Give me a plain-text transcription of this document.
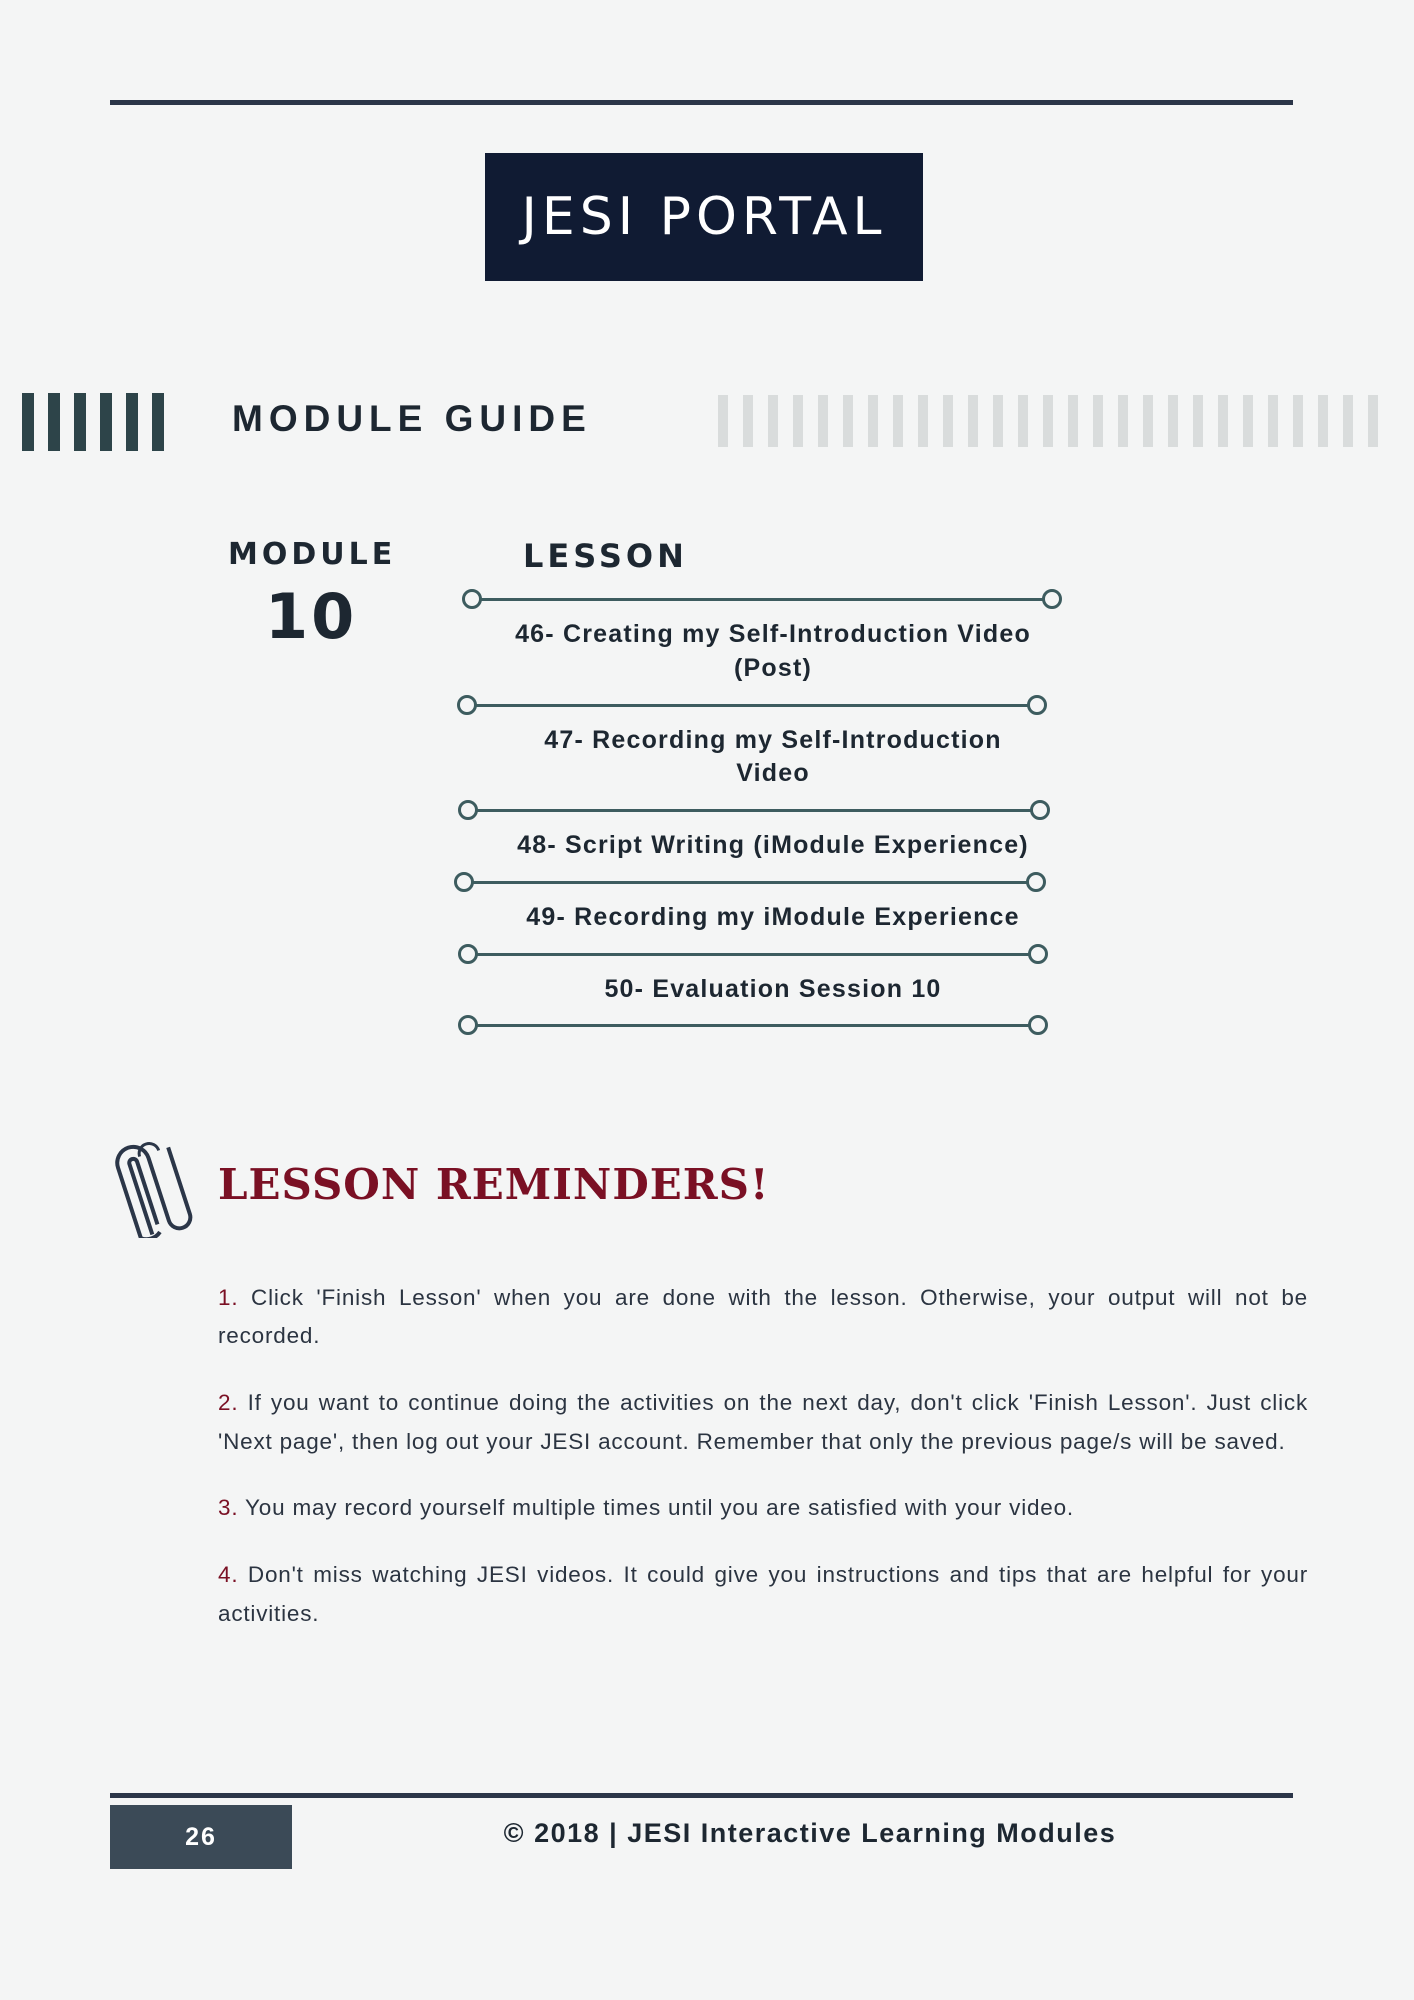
JESI PORTAL
MODULE GUIDE
MODULE
10
LESSON
46- Creating my Self-Introduction Video (Post)
47- Recording my Self-Introduction Video
48- Script Writing (iModule Experience)
49- Recording my iModule Experience
50- Evaluation Session 10
LESSON REMINDERS!

1. Click 'Finish Lesson' when you are done with the lesson. Otherwise, your output will not be recorded.

2. If you want to continue doing the activities on the next day, don't click 'Finish Lesson'. Just click 'Next page', then log out your JESI account. Remember that only the previous page/s will be saved.

3. You may record yourself multiple times until you are satisfied with your video.

4. Don't miss watching JESI videos. It could give you instructions and tips that are helpful for your activities.

26	© 2018 | JESI Interactive Learning Modules
